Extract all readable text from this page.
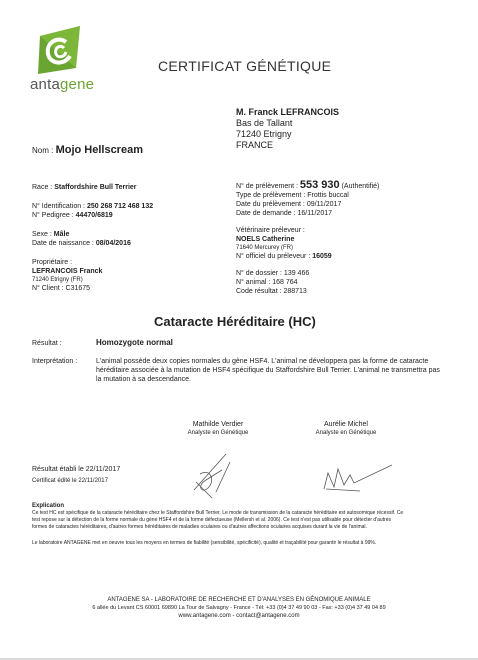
antagene
CERTIFICAT GÉNÉTIQUE
M. Franck LEFRANCOIS
Bas de Tallant
71240 Etrigny
FRANCE
Nom : Mojo Hellscream
Race : Staffordshire Bull Terrier
N° Identification : 250 268 712 468 132
N° Pedigree : 44470/6819
Sexe : Mâle
Date de naissance : 08/04/2016
Propriétaire :
LEFRANCOIS Franck
71240 Etrigny (FR)
N° Client : C31675
N° de prélèvement : 553 930 (Authentifié)
Type de prélèvement : Frottis buccal
Date du prélèvement : 09/11/2017
Date de demande : 16/11/2017
Vétérinaire préleveur :
NOELS Catherine
71640 Mercurey (FR)
N° officiel du préleveur : 16059
N° de dossier : 139 466
N° animal : 168 764
Code résultat : 288713
Cataracte Héréditaire (HC)
Résultat :	Homozygote normal
Interprétation :	L'animal possède deux copies normales du gène HSF4. L'animal ne développera pas la forme de cataracte
héréditaire associée à la mutation de HSF4 spécifique du Staffordshire Bull Terrier. L'animal ne transmettra pas
la mutation à sa descendance.
Mathilde Verdier
Analyste en Génétique
Aurélie Michel
Analyste en Génétique
Résultat établi le 22/11/2017
Certificat édité le 22/11/2017
Explication
Ce test HC est spécifique de la cataracte héréditaire chez le Staffordshire Bull Terrier. Le mode de transmission de la cataracte héréditaire est autosomique récessif. Ce
test repose sur la détection de la forme normale du gène HSF4 et de la forme défectueuse (Mellersh et al. 2006). Ce test n'est pas utilisable pour détecter d'autres
formes de cataractes héréditaires, d'autres formes héréditaires de maladies oculaires ou d'autres affections oculaires acquises durant la vie de l'animal.
Le laboratoire ANTAGENE met en oeuvre tous les moyens en termes de fiabilité (sensibilité, spécificité), qualité et traçabilité pour garantir le résultat à 99%.
ANTAGENE SA - LABORATOIRE DE RECHERCHE ET D'ANALYSES EN GÉNOMIQUE ANIMALE
6 allée du Levant CS 60001 69890 La Tour de Salvagny - France - Tél: +33 (0)4 37 49 90 03 - Fax: +33 (0)4 37 49 04 89
www.antagene.com - contact@antagene.com
